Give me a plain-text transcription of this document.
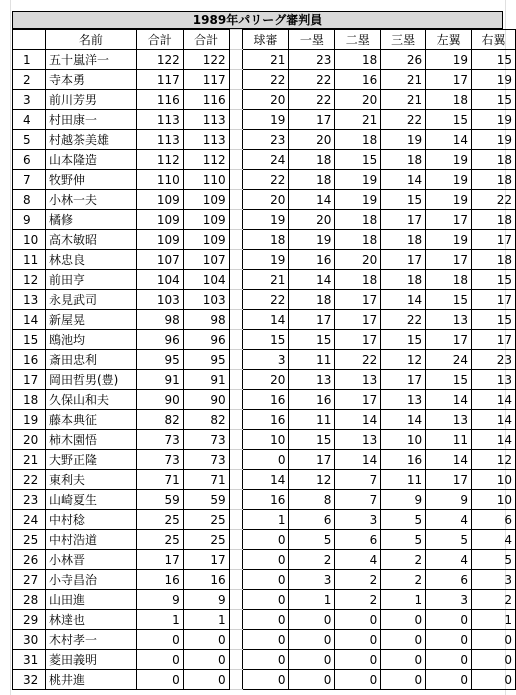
1989年パリーグ審判員
	名前	合計	合計		球審	一塁	二塁	三塁	左翼	右翼
1	五十嵐洋一	122	122		21	23	18	26	19	15
2	寺本勇	117	117		22	22	16	21	17	19
3	前川芳男	116	116		20	22	20	21	18	15
4	村田康一	113	113		19	17	21	22	15	19
5	村越茶美雄	113	113		23	20	18	19	14	19
6	山本隆造	112	112		24	18	15	18	19	18
7	牧野伸	110	110		22	18	19	14	19	18
8	小林一夫	109	109		20	14	19	15	19	22
9	橘修	109	109		19	20	18	17	17	18
10	高木敏昭	109	109		18	19	18	18	19	17
11	林忠良	107	107		19	16	20	17	17	18
12	前田亨	104	104		21	14	18	18	18	15
13	永見武司	103	103		22	18	17	14	15	17
14	新屋晃	98	98		14	17	17	22	13	15
15	鴎池均	96	96		15	15	17	15	17	17
16	斎田忠利	95	95		3	11	22	12	24	23
17	岡田哲男(豊)	91	91		20	13	13	17	15	13
18	久保山和夫	90	90		16	16	17	13	14	14
19	藤本典征	82	82		16	11	14	14	13	14
20	柿木園悟	73	73		10	15	13	10	11	14
21	大野正隆	73	73		0	17	14	16	14	12
22	東利夫	71	71		14	12	7	11	17	10
23	山崎夏生	59	59		16	8	7	9	9	10
24	中村稔	25	25		1	6	3	5	4	6
25	中村浩道	25	25		0	5	6	5	5	4
26	小林晋	17	17		0	2	4	2	4	5
27	小寺昌治	16	16		0	3	2	2	6	3
28	山田進	9	9		0	1	2	1	3	2
29	林達也	1	1		0	0	0	0	0	1
30	木村孝一	0	0		0	0	0	0	0	0
31	菱田義明	0	0		0	0	0	0	0	0
32	桃井進	0	0		0	0	0	0	0	0
